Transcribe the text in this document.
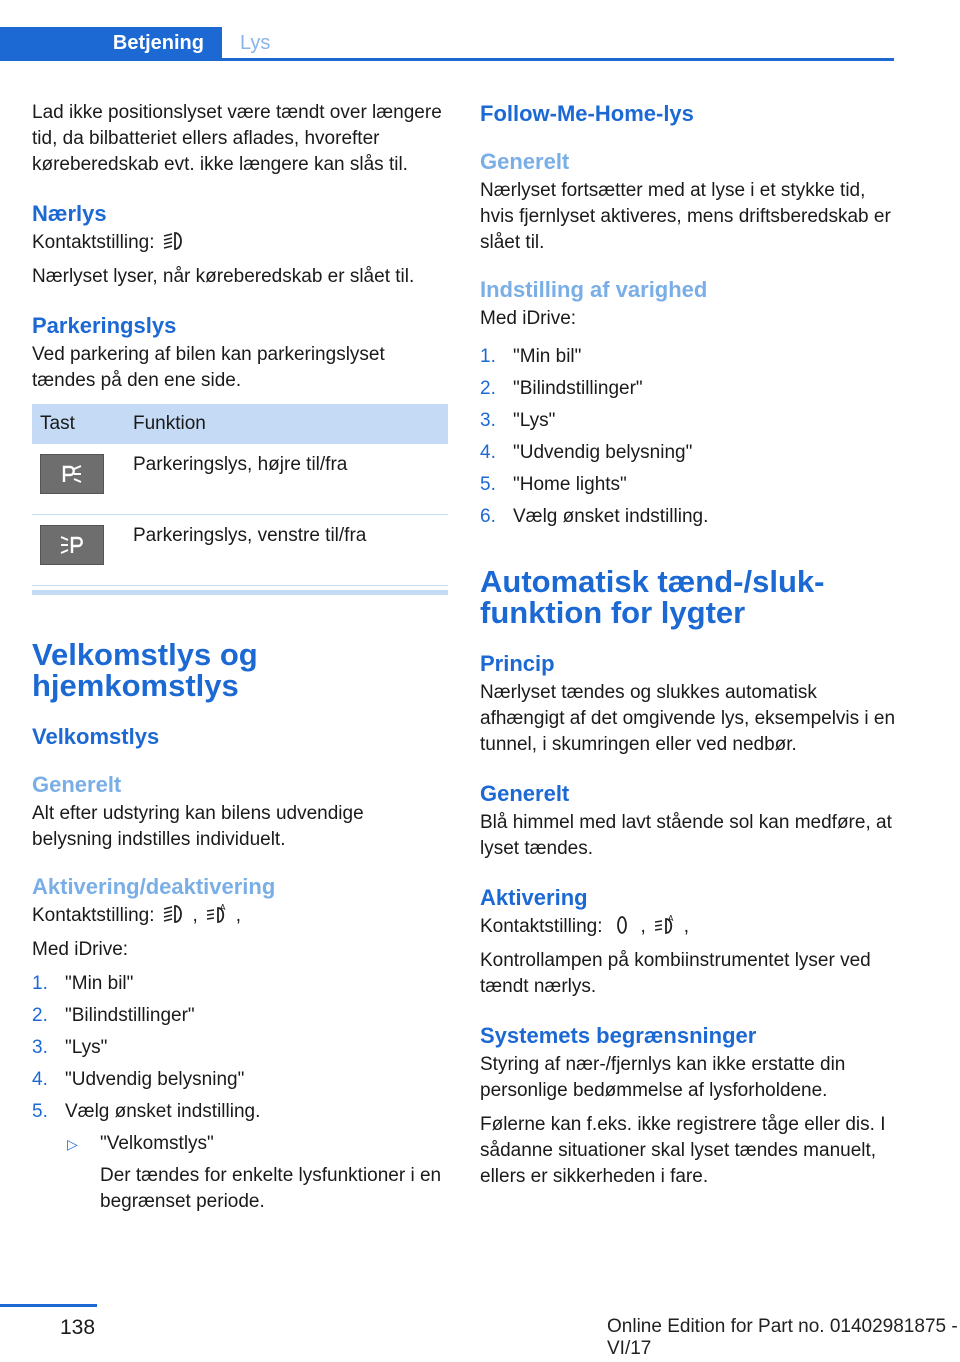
Betjening Lys

Lad ikke positionslyset være tændt over længere tid, da bilbatteriet ellers aflades, hvorefter køreberedskab evt. ikke længere kan slås til.

Nærlys

Kontaktstilling:

Nærlyset lyser, når køreberedskab er slået til.

Parkeringslys

Ved parkering af bilen kan parkeringslyset tændes på den ene side.

Tast	Funktion

	Parkeringslys, højre til/fra

	Parkeringslys, venstre til/fra
Velkomstlys og
hjemkomstlys
Velkomstlys
Generelt

Alt efter udstyring kan bilens udvendige belysning indstilles individuelt.

Aktivering/deaktivering

Kontaktstilling: ,	A ,

Med iDrive:

1. "Min bil"
2. "Bilindstillinger"
3. "Lys"
4. "Udvendig belysning"
5. Vælg ønsket indstilling.
▷ "Velkomstlys"
Der tændes for enkelte lysfunktioner i en begrænset periode.
Follow-Me-Home-lys
Generelt

Nærlyset fortsætter med at lyse i et stykke tid, hvis fjernlyset aktiveres, mens driftsberedskab er slået til.

Indstilling af varighed

Med iDrive:

1. "Min bil"
2. "Bilindstillinger"
3. "Lys"
4. "Udvendig belysning"
5. "Home lights"
6. Vælg ønsket indstilling.
Automatisk tænd-/sluk-
funktion for lygter
Princip

Nærlyset tændes og slukkes automatisk afhængigt af det omgivende lys, eksempelvis i en tunnel, i skumringen eller ved nedbør.

Generelt

Blå himmel med lavt stående sol kan medføre, at lyset tændes.

Aktivering

Kontaktstilling: ,	A ,

Kontrollampen på kombiinstrumentet lyser ved tændt nærlys.

Systemets begrænsninger

Styring af nær-/fjernlys kan ikke erstatte din personlige bedømmelse af lysforholdene.

Følerne kan f.eks. ikke registrere tåge eller dis. I sådanne situationer skal lyset tændes manuelt, ellers er sikkerheden i fare.

138	Online Edition for Part no. 01402981875 - VI/17
